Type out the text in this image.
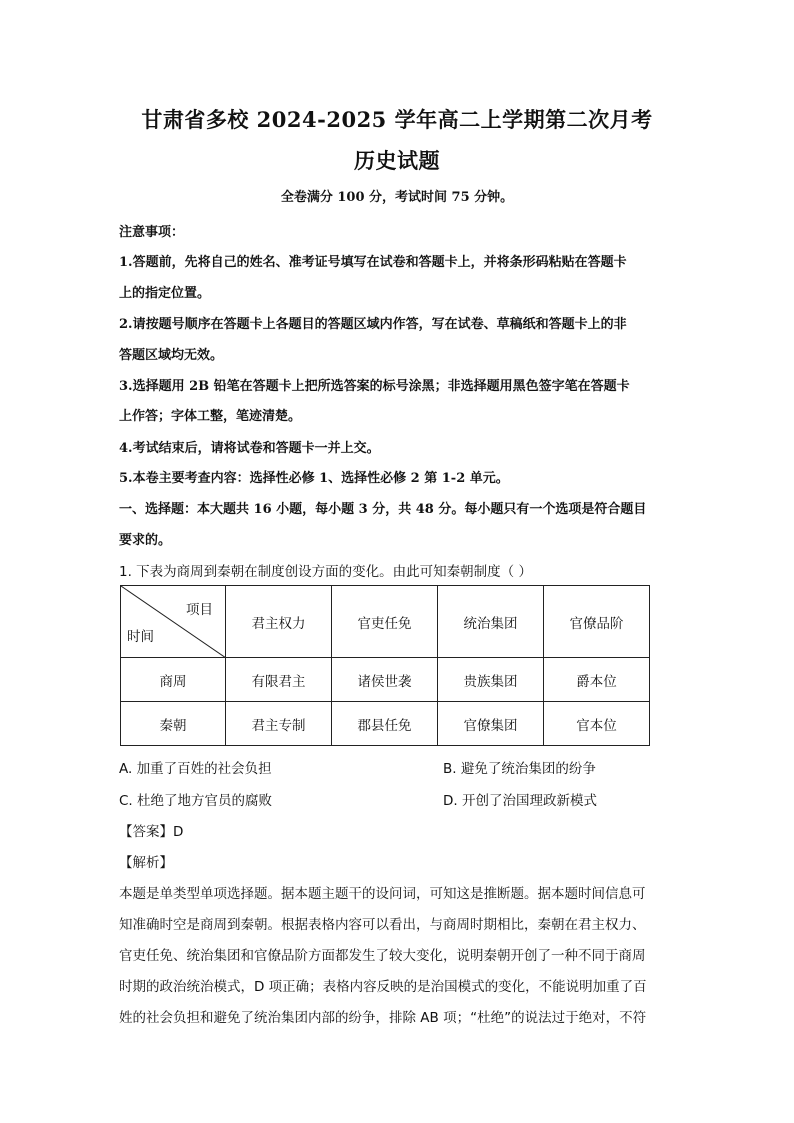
甘肃省多校 2024-2025 学年高二上学期第二次月考
历史试题
全卷满分 100 分，考试时间 75 分钟。
注意事项：
1.答题前，先将自己的姓名、准考证号填写在试卷和答题卡上，并将条形码粘贴在答题卡
上的指定位置。
2.请按题号顺序在答题卡上各题目的答题区域内作答，写在试卷、草稿纸和答题卡上的非
答题区域均无效。
3.选择题用 2B 铅笔在答题卡上把所选答案的标号涂黑；非选择题用黑色签字笔在答题卡
上作答；字体工整，笔迹清楚。
4.考试结束后，请将试卷和答题卡一并上交。
5.本卷主要考查内容：选择性必修 1、选择性必修 2 第 1-2 单元。
一、选择题：本大题共 16 小题，每小题 3 分，共 48 分。每小题只有一个选项是符合题目
要求的。
1. 下表为商周到秦朝在制度创设方面的变化。由此可知秦朝制度（ ）
项目
时间	君主权力	官吏任免	统治集团	官僚品阶
商周	有限君主	诸侯世袭	贵族集团	爵本位
秦朝	君主专制	郡县任免	官僚集团	官本位
A. 加重了百姓的社会负担	B. 避免了统治集团的纷争
C. 杜绝了地方官员的腐败	D. 开创了治国理政新模式
【答案】D
【解析】
本题是单类型单项选择题。据本题主题干的设问词，可知这是推断题。据本题时间信息可
知准确时空是商周到秦朝。根据表格内容可以看出，与商周时期相比，秦朝在君主权力、
官吏任免、统治集团和官僚品阶方面都发生了较大变化，说明秦朝开创了一种不同于商周
时期的政治统治模式，D 项正确；表格内容反映的是治国模式的变化，不能说明加重了百
姓的社会负担和避免了统治集团内部的纷争，排除 AB 项；“杜绝”的说法过于绝对，不符
